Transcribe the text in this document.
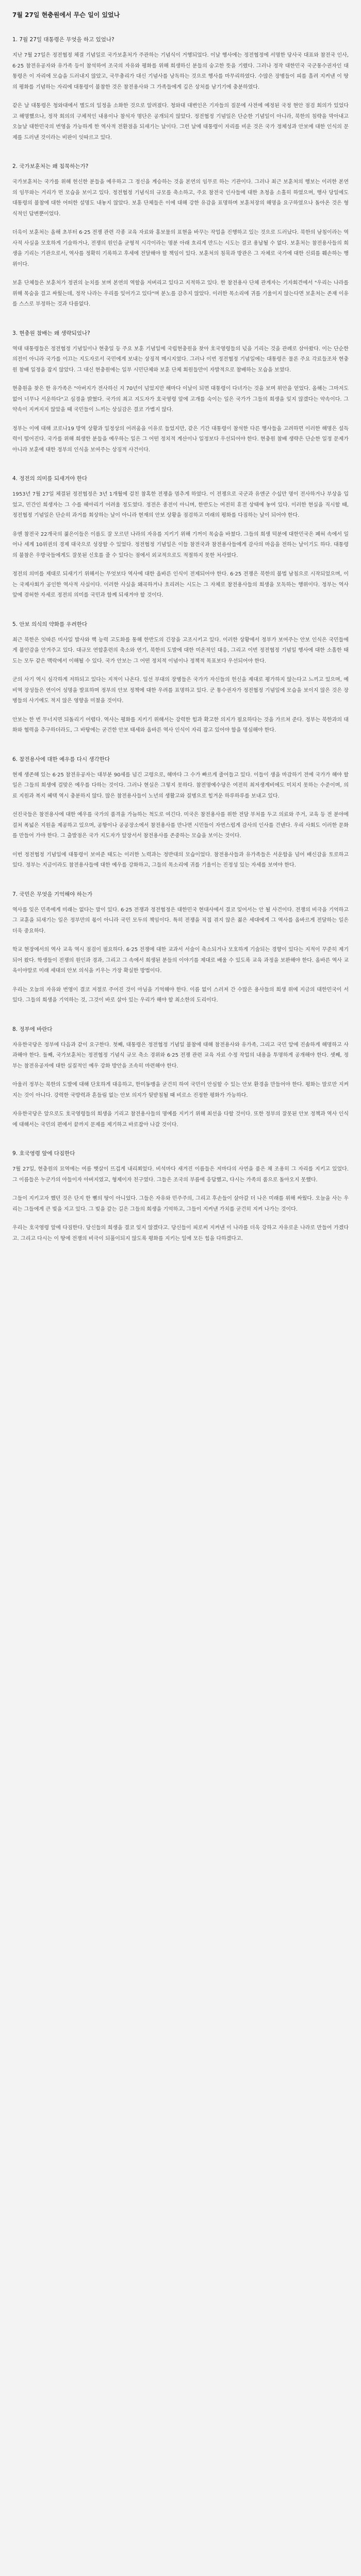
7월 27일 현충원에서 무슨 일이 있었나
1. 7월 27일 대통령은 무엇을 하고 있었나?

지난 7월 27일은 정전협정 체결 기념일로 국가보훈처가 주관하는 기념식이 거행되었다. 이날 행사에는 정전협정에 서명한 당사국 대표와 참전국 인사, 6·25 참전유공자와 유가족 등이 참석하여 조국의 자유와 평화를 위해 희생하신 분들의 숭고한 뜻을 기렸다. 그러나 정작 대한민국 국군통수권자인 대통령은 이 자리에 모습을 드러내지 않았고, 국무총리가 대신 기념사를 낭독하는 것으로 행사를 마무리하였다. 수많은 장병들이 피를 흘려 지켜낸 이 땅의 평화를 기념하는 자리에 대통령이 불참한 것은 참전용사와 그 가족들에게 깊은 상처를 남기기에 충분하였다.

같은 날 대통령은 청와대에서 별도의 일정을 소화한 것으로 알려졌다. 청와대 대변인은 기자들의 질문에 사전에 예정된 국정 현안 점검 회의가 있었다고 해명했으나, 정작 회의의 구체적인 내용이나 참석자 명단은 공개되지 않았다. 정전협정 기념일은 단순한 기념일이 아니라, 북한의 침략을 막아내고 오늘날 대한민국의 번영을 가능하게 한 역사적 전환점을 되새기는 날이다. 그런 날에 대통령이 자리를 비운 것은 국가 정체성과 안보에 대한 인식의 문제를 드러낸 것이라는 비판이 잇따르고 있다.

2. 국가보훈처는 왜 침묵하는가?

국가보훈처는 국가를 위해 헌신한 분들을 예우하고 그 정신을 계승하는 것을 본연의 임무로 하는 기관이다. 그러나 최근 보훈처의 행보는 이러한 본연의 임무와는 거리가 먼 모습을 보이고 있다. 정전협정 기념식의 규모를 축소하고, 주요 참전국 인사들에 대한 초청을 소홀히 하였으며, 행사 당일에도 대통령의 불참에 대한 어떠한 설명도 내놓지 않았다. 보훈 단체들은 이에 대해 강한 유감을 표명하며 보훈처장의 해명을 요구하였으나 돌아온 것은 형식적인 답변뿐이었다.

더욱이 보훈처는 올해 초부터 6·25 전쟁 관련 각종 교육 자료와 홍보물의 표현을 바꾸는 작업을 진행하고 있는 것으로 드러났다. 북한의 남침이라는 역사적 사실을 모호하게 기술하거나, 전쟁의 원인을 균형적 시각이라는 명분 아래 흐리게 만드는 시도는 결코 용납될 수 없다. 보훈처는 참전용사들의 희생을 기리는 기관으로서, 역사를 정확히 기록하고 후세에 전달해야 할 책임이 있다. 보훈처의 침묵과 방관은 그 자체로 국가에 대한 신뢰를 훼손하는 행위이다.

보훈 단체들은 보훈처가 정권의 눈치를 보며 본연의 역할을 저버리고 있다고 지적하고 있다. 한 참전용사 단체 관계자는 기자회견에서 "우리는 나라를 위해 목숨을 걸고 싸웠는데, 정작 나라는 우리를 잊어가고 있다"며 분노를 감추지 않았다. 이러한 목소리에 귀를 기울이지 않는다면 보훈처는 존재 이유를 스스로 부정하는 것과 다름없다.

3. 현충원 참배는 왜 생략되었나?

역대 대통령들은 정전협정 기념일이나 현충일 등 주요 보훈 기념일에 국립현충원을 찾아 호국영령들의 넋을 기리는 것을 관례로 삼아왔다. 이는 단순한 의전이 아니라 국가를 이끄는 지도자로서 국민에게 보내는 상징적 메시지였다. 그러나 이번 정전협정 기념일에는 대통령은 물론 주요 각료들조차 현충원 참배 일정을 잡지 않았다. 그 대신 현충원에는 일부 시민단체와 보훈 단체 회원들만이 자발적으로 참배하는 모습을 보였다.

현충원을 찾은 한 유가족은 "아버지가 전사하신 지 70년이 넘었지만 해마다 이날이 되면 대통령이 다녀가는 것을 보며 위안을 얻었다. 올해는 그마저도 없어 너무나 서운하다"고 심경을 밝혔다. 국가의 최고 지도자가 호국영령 앞에 고개를 숙이는 일은 국가가 그들의 희생을 잊지 않겠다는 약속이다. 그 약속이 지켜지지 않았을 때 국민들이 느끼는 상실감은 결코 가볍지 않다.

정부는 이에 대해 코로나19 방역 상황과 일정상의 어려움을 이유로 들었지만, 같은 기간 대통령이 참석한 다른 행사들을 고려하면 이러한 해명은 설득력이 떨어진다. 국가를 위해 희생한 분들을 예우하는 일은 그 어떤 정치적 계산이나 일정보다 우선되어야 한다. 현충원 참배 생략은 단순한 일정 문제가 아니라 보훈에 대한 정부의 인식을 보여주는 상징적 사건이다.

4. 정전의 의미를 되새겨야 한다

1953년 7월 27일 체결된 정전협정은 3년 1개월에 걸친 참혹한 전쟁을 멈추게 하였다. 이 전쟁으로 국군과 유엔군 수십만 명이 전사하거나 부상을 입었고, 민간인 희생자는 그 수를 헤아리기 어려울 정도였다. 정전은 종전이 아니며, 한반도는 여전히 휴전 상태에 놓여 있다. 이러한 현실을 직시할 때, 정전협정 기념일은 단순히 과거를 회상하는 날이 아니라 현재의 안보 상황을 점검하고 미래의 평화를 다짐하는 날이 되어야 한다.

유엔 참전국 22개국의 젊은이들은 이름도 잘 모르던 나라의 자유를 지키기 위해 기꺼이 목숨을 바쳤다. 그들의 희생 덕분에 대한민국은 폐허 속에서 일어나 세계 10위권의 경제 대국으로 성장할 수 있었다. 정전협정 기념일은 이들 참전국과 참전용사들에게 감사의 마음을 전하는 날이기도 하다. 대통령의 불참은 우방국들에게도 잘못된 신호를 줄 수 있다는 점에서 외교적으로도 적절하지 못한 처사였다.

정전의 의미를 제대로 되새기기 위해서는 무엇보다 역사에 대한 올바른 인식이 전제되어야 한다. 6·25 전쟁은 북한의 불법 남침으로 시작되었으며, 이는 국제사회가 공인한 역사적 사실이다. 이러한 사실을 왜곡하거나 흐리려는 시도는 그 자체로 참전용사들의 희생을 모독하는 행위이다. 정부는 역사 앞에 겸허한 자세로 정전의 의미를 국민과 함께 되새겨야 할 것이다.

5. 안보 의식의 약화를 우려한다

최근 북한은 잇따른 미사일 발사와 핵 능력 고도화를 통해 한반도의 긴장을 고조시키고 있다. 이러한 상황에서 정부가 보여주는 안보 인식은 국민들에게 불안감을 안겨주고 있다. 대규모 연합훈련의 축소와 연기, 북한의 도발에 대한 미온적인 대응, 그리고 이번 정전협정 기념일 행사에 대한 소홀한 태도는 모두 같은 맥락에서 이해될 수 있다. 국가 안보는 그 어떤 정치적 이념이나 정책적 목표보다 우선되어야 한다.

군의 사기 역시 심각하게 저하되고 있다는 지적이 나온다. 일선 부대의 장병들은 국가가 자신들의 헌신을 제대로 평가하지 않는다고 느끼고 있으며, 예비역 장성들은 연이어 성명을 발표하며 정부의 안보 정책에 대한 우려를 표명하고 있다. 군 통수권자가 정전협정 기념일에 모습을 보이지 않은 것은 장병들의 사기에도 적지 않은 영향을 미쳤을 것이다.

안보는 한 번 무너지면 되돌리기 어렵다. 역사는 평화를 지키기 위해서는 강력한 힘과 확고한 의지가 필요하다는 것을 가르쳐 준다. 정부는 북한과의 대화와 협력을 추구하더라도, 그 바탕에는 굳건한 안보 태세와 올바른 역사 인식이 자리 잡고 있어야 함을 명심해야 한다.

6. 참전용사에 대한 예우를 다시 생각한다

현재 생존해 있는 6·25 참전유공자는 대부분 90세를 넘긴 고령으로, 해마다 그 수가 빠르게 줄어들고 있다. 이들이 생을 마감하기 전에 국가가 해야 할 일은 그들의 희생에 걸맞은 예우를 다하는 것이다. 그러나 현실은 그렇지 못하다. 참전명예수당은 여전히 최저생계비에도 미치지 못하는 수준이며, 의료 지원과 복지 혜택 역시 충분하지 않다. 많은 참전용사들이 노년의 생활고와 질병으로 힘겨운 하루하루를 보내고 있다.

선진국들은 참전용사에 대한 예우를 국가의 품격을 가늠하는 척도로 여긴다. 미국은 참전용사를 위한 전담 부처를 두고 의료와 주거, 교육 등 전 분야에 걸쳐 폭넓은 지원을 제공하고 있으며, 공항이나 공공장소에서 참전용사를 만나면 시민들이 자연스럽게 감사의 인사를 건넨다. 우리 사회도 이러한 문화를 만들어 가야 한다. 그 출발점은 국가 지도자가 앞장서서 참전용사를 존중하는 모습을 보이는 것이다.

이번 정전협정 기념일에 대통령이 보여준 태도는 이러한 노력과는 정반대의 모습이었다. 참전용사들과 유가족들은 서운함을 넘어 배신감을 토로하고 있다. 정부는 지금이라도 참전용사들에 대한 예우를 강화하고, 그들의 목소리에 귀를 기울이는 진정성 있는 자세를 보여야 한다.

7. 국민은 무엇을 기억해야 하는가

역사를 잊은 민족에게 미래는 없다는 말이 있다. 6·25 전쟁과 정전협정은 대한민국 현대사에서 결코 잊어서는 안 될 사건이다. 전쟁의 비극을 기억하고 그 교훈을 되새기는 일은 정부만의 몫이 아니라 국민 모두의 책임이다. 특히 전쟁을 직접 겪지 않은 젊은 세대에게 그 역사를 올바르게 전달하는 일은 더욱 중요하다.

학교 현장에서의 역사 교육 역시 점검이 필요하다. 6·25 전쟁에 대한 교과서 서술이 축소되거나 모호하게 기술되는 경향이 있다는 지적이 꾸준히 제기되어 왔다. 학생들이 전쟁의 원인과 경과, 그리고 그 속에서 희생된 분들의 이야기를 제대로 배울 수 있도록 교육 과정을 보완해야 한다. 올바른 역사 교육이야말로 미래 세대의 안보 의식을 키우는 가장 확실한 방법이다.

우리는 오늘의 자유와 번영이 결코 저절로 주어진 것이 아님을 기억해야 한다. 이름 없이 스러져 간 수많은 용사들의 희생 위에 지금의 대한민국이 서 있다. 그들의 희생을 기억하는 것, 그것이 바로 살아 있는 우리가 해야 할 최소한의 도리이다.

8. 정부에 바란다

자유한국당은 정부에 다음과 같이 요구한다. 첫째, 대통령은 정전협정 기념일 불참에 대해 참전용사와 유가족, 그리고 국민 앞에 진솔하게 해명하고 사과해야 한다. 둘째, 국가보훈처는 정전협정 기념식 규모 축소 경위와 6·25 전쟁 관련 교육 자료 수정 작업의 내용을 투명하게 공개해야 한다. 셋째, 정부는 참전유공자에 대한 실질적인 예우 강화 방안을 조속히 마련해야 한다.

아울러 정부는 북한의 도발에 대해 단호하게 대응하고, 한미동맹을 굳건히 하여 국민이 안심할 수 있는 안보 환경을 만들어야 한다. 평화는 말로만 지켜지는 것이 아니다. 강력한 국방력과 흔들림 없는 안보 의지가 뒷받침될 때 비로소 진정한 평화가 가능하다.

자유한국당은 앞으로도 호국영령들의 희생을 기리고 참전용사들의 명예를 지키기 위해 최선을 다할 것이다. 또한 정부의 잘못된 안보 정책과 역사 인식에 대해서는 국민의 편에서 끝까지 문제를 제기하고 바로잡아 나갈 것이다.

9. 호국영령 앞에 다짐한다

7월 27일, 현충원의 묘역에는 여름 햇살이 뜨겁게 내리쬐었다. 비석마다 새겨진 이름들은 저마다의 사연을 품은 채 조용히 그 자리를 지키고 있었다. 그 이름들은 누군가의 아들이자 아버지였고, 형제이자 친구였다. 그들은 조국의 부름에 응답했고, 다시는 가족의 품으로 돌아오지 못했다.

그들이 지키고자 했던 것은 단지 한 뼘의 땅이 아니었다. 그들은 자유와 민주주의, 그리고 후손들이 살아갈 더 나은 미래를 위해 싸웠다. 오늘을 사는 우리는 그들에게 큰 빚을 지고 있다. 그 빚을 갚는 길은 그들의 희생을 기억하고, 그들이 지켜낸 가치를 굳건히 지켜 나가는 것이다.

우리는 호국영령 앞에 다짐한다. 당신들의 희생을 결코 잊지 않겠다고. 당신들이 피로써 지켜낸 이 나라를 더욱 강하고 자유로운 나라로 만들어 가겠다고. 그리고 다시는 이 땅에 전쟁의 비극이 되풀이되지 않도록 평화를 지키는 일에 모든 힘을 다하겠다고.
